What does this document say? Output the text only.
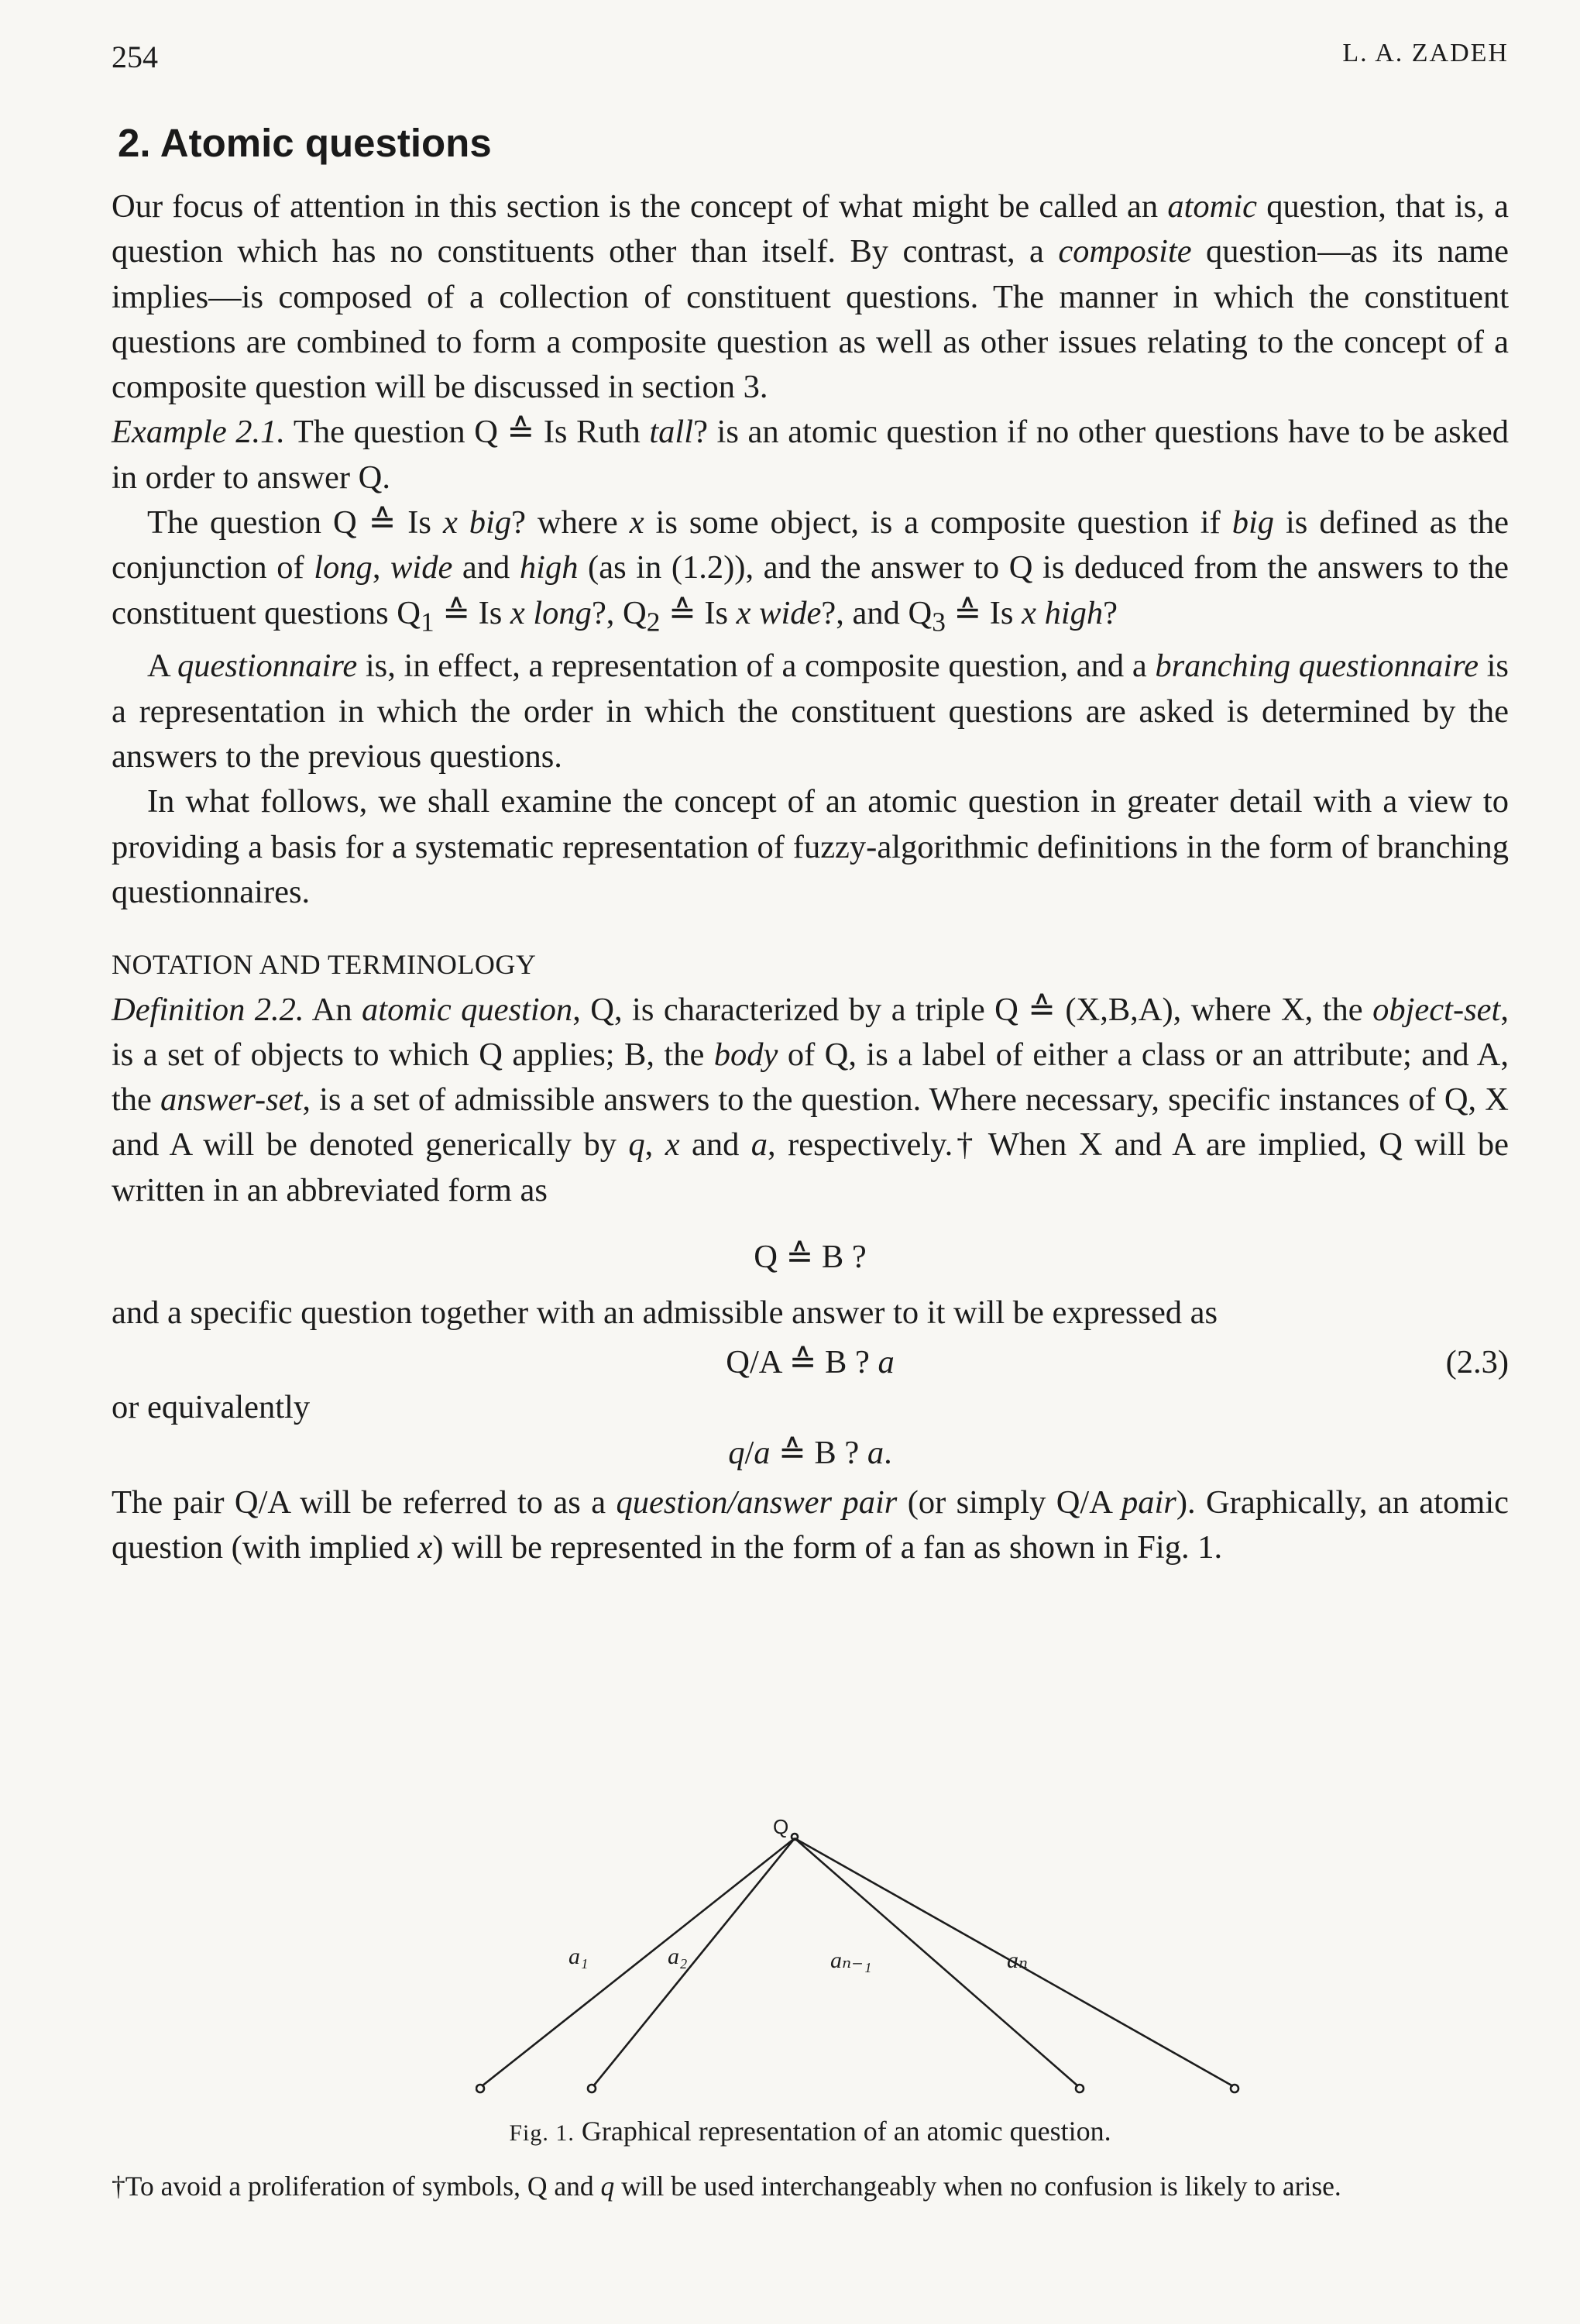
254	L. A. ZADEH
2. Atomic questions

Our focus of attention in this section is the concept of what might be called an atomic question, that is, a question which has no constituents other than itself. By contrast, a composite question—as its name implies—is composed of a collection of constituent questions. The manner in which the constituent questions are combined to form a composite question as well as other issues relating to the concept of a composite question will be discussed in section 3.

Example 2.1. The question Q ≙ Is Ruth tall? is an atomic question if no other questions have to be asked in order to answer Q.

The question Q ≙ Is x big? where x is some object, is a composite question if big is defined as the conjunction of long, wide and high (as in (1.2)), and the answer to Q is deduced from the answers to the constituent questions $Q_1$ ≙ Is x long?, $Q_2$ ≙ Is x wide?, and $Q_3$ ≙ Is x high?

A questionnaire is, in effect, a representation of a composite question, and a branching questionnaire is a representation in which the order in which the constituent questions are asked is determined by the answers to the previous questions.

In what follows, we shall examine the concept of an atomic question in greater detail with a view to providing a basis for a systematic representation of fuzzy-algorithmic definitions in the form of branching questionnaires.

NOTATION AND TERMINOLOGY

Definition 2.2. An atomic question, Q, is characterized by a triple Q ≙ (X,B,A), where X, the object-set, is a set of objects to which Q applies; B, the body of Q, is a label of either a class or an attribute; and A, the answer-set, is a set of admissible answers to the question. Where necessary, specific instances of Q, X and A will be denoted generically by q, x and a, respectively.† When X and A are implied, Q will be written in an abbreviated form as

Q ≙ B ?

and a specific question together with an admissible answer to it will be expressed as

Q/A ≙ B ? a	(2.3)

or equivalently

q/a ≙ B ? a.

The pair Q/A will be referred to as a question/answer pair (or simply Q/A pair). Graphically, an atomic question (with implied x) will be represented in the form of a fan as shown in Fig. 1.

Q
a₁	a₂	aₙ₋₁	aₙ
Fig. 1. Graphical representation of an atomic question.
†To avoid a proliferation of symbols, Q and q will be used interchangeably when no confusion is likely to arise.
